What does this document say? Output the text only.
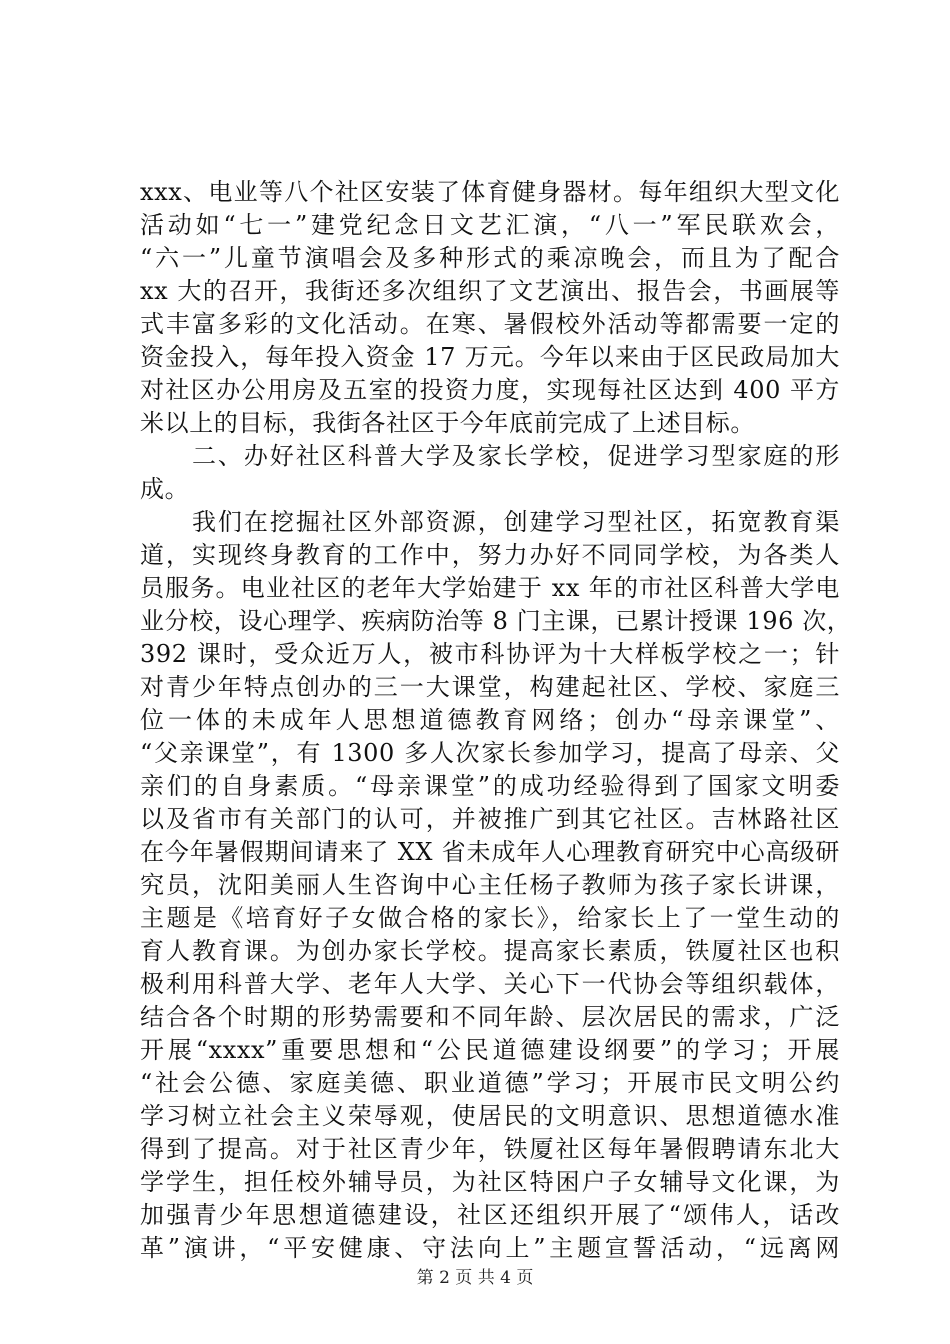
xxx、电业等八个社区安装了体育健身器材。每年组织大型文化
活动如“七一”建党纪念日文艺汇演，“八一”军民联欢会，
“六一”儿童节演唱会及多种形式的乘凉晚会，而且为了配合
xx 大的召开，我街还多次组织了文艺演出、报告会，书画展等
式丰富多彩的文化活动。在寒、暑假校外活动等都需要一定的
资金投入，每年投入资金 17 万元。今年以来由于区民政局加大
对社区办公用房及五室的投资力度，实现每社区达到 400 平方
米以上的目标，我街各社区于今年底前完成了上述目标。
　　二、办好社区科普大学及家长学校，促进学习型家庭的形
成。
　　我们在挖掘社区外部资源，创建学习型社区，拓宽教育渠
道，实现终身教育的工作中，努力办好不同同学校，为各类人
员服务。电业社区的老年大学始建于 xx 年的市社区科普大学电
业分校，设心理学、疾病防治等 8 门主课，已累计授课 196 次，
392 课时，受众近万人，被市科协评为十大样板学校之一；针
对青少年特点创办的三一大课堂，构建起社区、学校、家庭三
位一体的未成年人思想道德教育网络；创办“母亲课堂”、
“父亲课堂”，有 1300 多人次家长参加学习，提高了母亲、父
亲们的自身素质。“母亲课堂”的成功经验得到了国家文明委
以及省市有关部门的认可，并被推广到其它社区。吉林路社区
在今年暑假期间请来了 XX 省未成年人心理教育研究中心高级研
究员，沈阳美丽人生咨询中心主任杨子教师为孩子家长讲课，
主题是《培育好子女做合格的家长》，给家长上了一堂生动的
育人教育课。为创办家长学校。提高家长素质，铁厦社区也积
极利用科普大学、老年人大学、关心下一代协会等组织载体，
结合各个时期的形势需要和不同年龄、层次居民的需求，广泛
开展“xxxx”重要思想和“公民道德建设纲要”的学习；开展
“社会公德、家庭美德、职业道德”学习；开展市民文明公约
学习树立社会主义荣辱观，使居民的文明意识、思想道德水准
得到了提高。对于社区青少年，铁厦社区每年暑假聘请东北大
学学生，担任校外辅导员，为社区特困户子女辅导文化课，为
加强青少年思想道德建设，社区还组织开展了“颂伟人，话改
革”演讲，“平安健康、守法向上”主题宣誓活动，“远离网
第 2 页 共 4 页
